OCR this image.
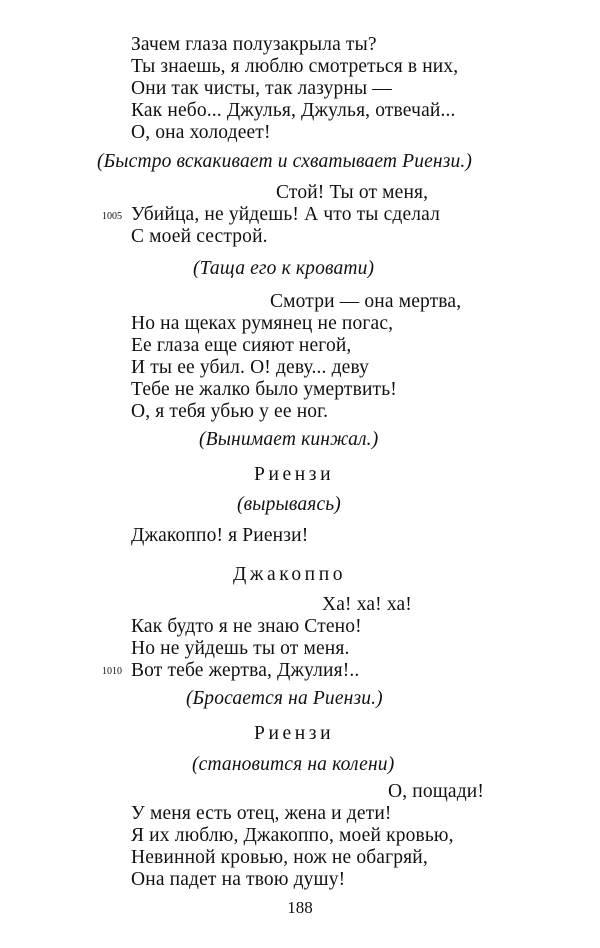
Зачем глаза полузакрыла ты?
Ты знаешь, я люблю смотреться в них,
Они так чисты, так лазурны —
Как небо... Джулья, Джулья, отвечай...
О, она холодеет!
(Быстро вскакивает и схватывает Риензи.)
Стой! Ты от меня,
1005 Убийца, не уйдешь! А что ты сделал
С моей сестрой.
(Таща его к кровати)
Смотри — она мертва,
Но на щеках румянец не погас,
Ее глаза еще сияют негой,
И ты ее убил. О! деву... деву
Тебе не жалко было умертвить!
О, я тебя убью у ее ног.
(Вынимает кинжал.)
Риензи
(вырываясь)
Джакоппо! я Риензи!
Джакоппо
Ха! ха! ха!
Как будто я не знаю Стено!
Но не уйдешь ты от меня.
1010 Вот тебе жертва, Джулия!..
(Бросается на Риензи.)
Риензи
(становится на колени)
О, пощади!
У меня есть отец, жена и дети!
Я их люблю, Джакоппо, моей кровью,
Невинной кровью, нож не обагряй,
Она падет на твою душу!
188
